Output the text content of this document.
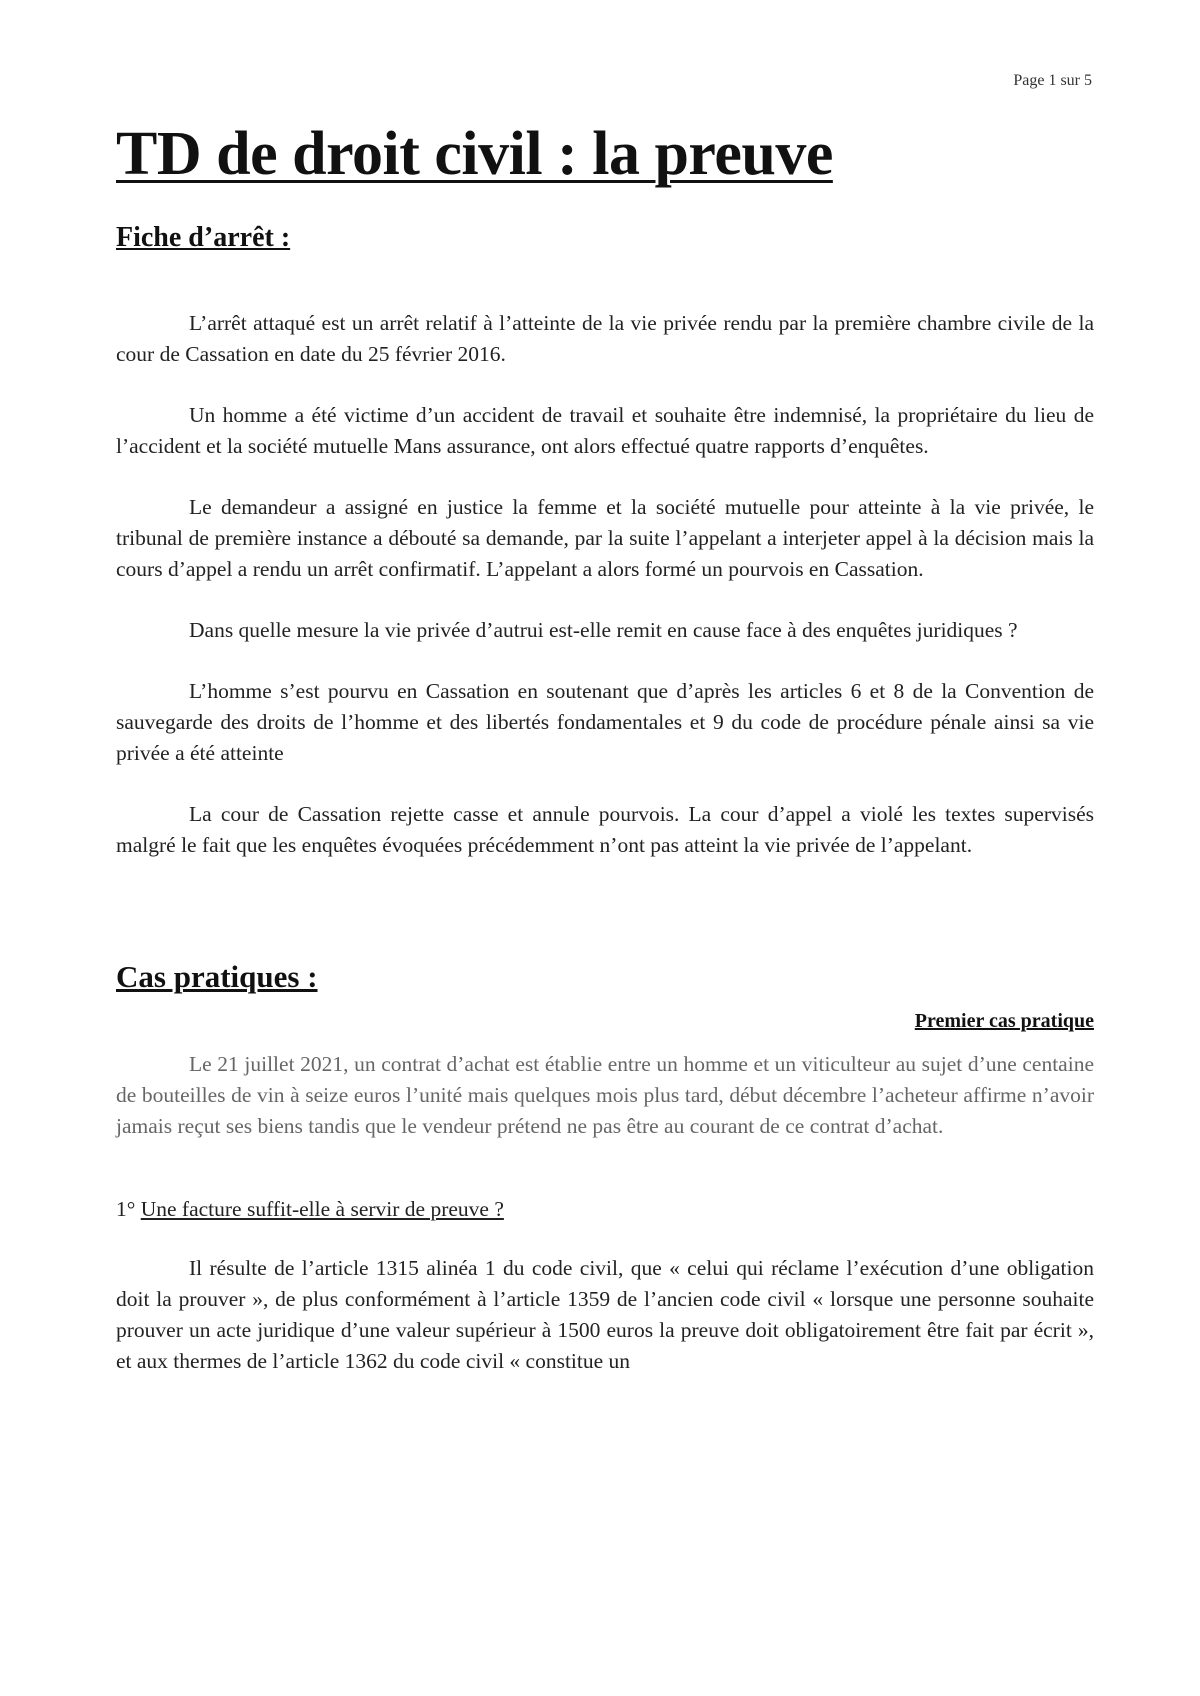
Page 1 sur 5
TD de droit civil : la preuve
Fiche d’arrêt :

L’arrêt attaqué est un arrêt relatif à l’atteinte de la vie privée rendu par la première chambre civile de la cour de Cassation en date du 25 février 2016.

Un homme a été victime d’un accident de travail et souhaite être indemnisé, la propriétaire du lieu de l’accident et la société mutuelle Mans assurance, ont alors effectué quatre rapports d’enquêtes.

Le demandeur a assigné en justice la femme et la société mutuelle pour atteinte à la vie privée, le tribunal de première instance a débouté sa demande, par la suite l’appelant a interjeter appel à la décision mais la cours d’appel a rendu un arrêt confirmatif. L’appelant a alors formé un pourvois en Cassation.

Dans quelle mesure la vie privée d’autrui est-elle remit en cause face à des enquêtes juridiques ?

L’homme s’est pourvu en Cassation en soutenant que d’après les articles 6 et 8 de la Convention de sauvegarde des droits de l’homme et des libertés fondamentales et 9 du code de procédure pénale ainsi sa vie privée a été atteinte

La cour de Cassation rejette casse et annule pourvois. La cour d’appel a violé les textes supervisés malgré le fait que les enquêtes évoquées précédemment n’ont pas atteint la vie privée de l’appelant.

Cas pratiques :
Premier cas pratique

Le 21 juillet 2021, un contrat d’achat est établie entre un homme et un viticulteur au sujet d’une centaine de bouteilles de vin à seize euros l’unité mais quelques mois plus tard, début décembre l’acheteur affirme n’avoir jamais reçut ses biens tandis que le vendeur prétend ne pas être au courant de ce contrat d’achat.

1° Une facture suffit-elle à servir de preuve ?

Il résulte de l’article 1315 alinéa 1 du code civil, que « celui qui réclame l’exécution d’une obligation doit la prouver », de plus conformément à l’article 1359 de l’ancien code civil « lorsque une personne souhaite prouver un acte juridique d’une valeur supérieur à 1500 euros la preuve doit obligatoirement être fait par écrit », et aux thermes de l’article 1362 du code civil « constitue un
